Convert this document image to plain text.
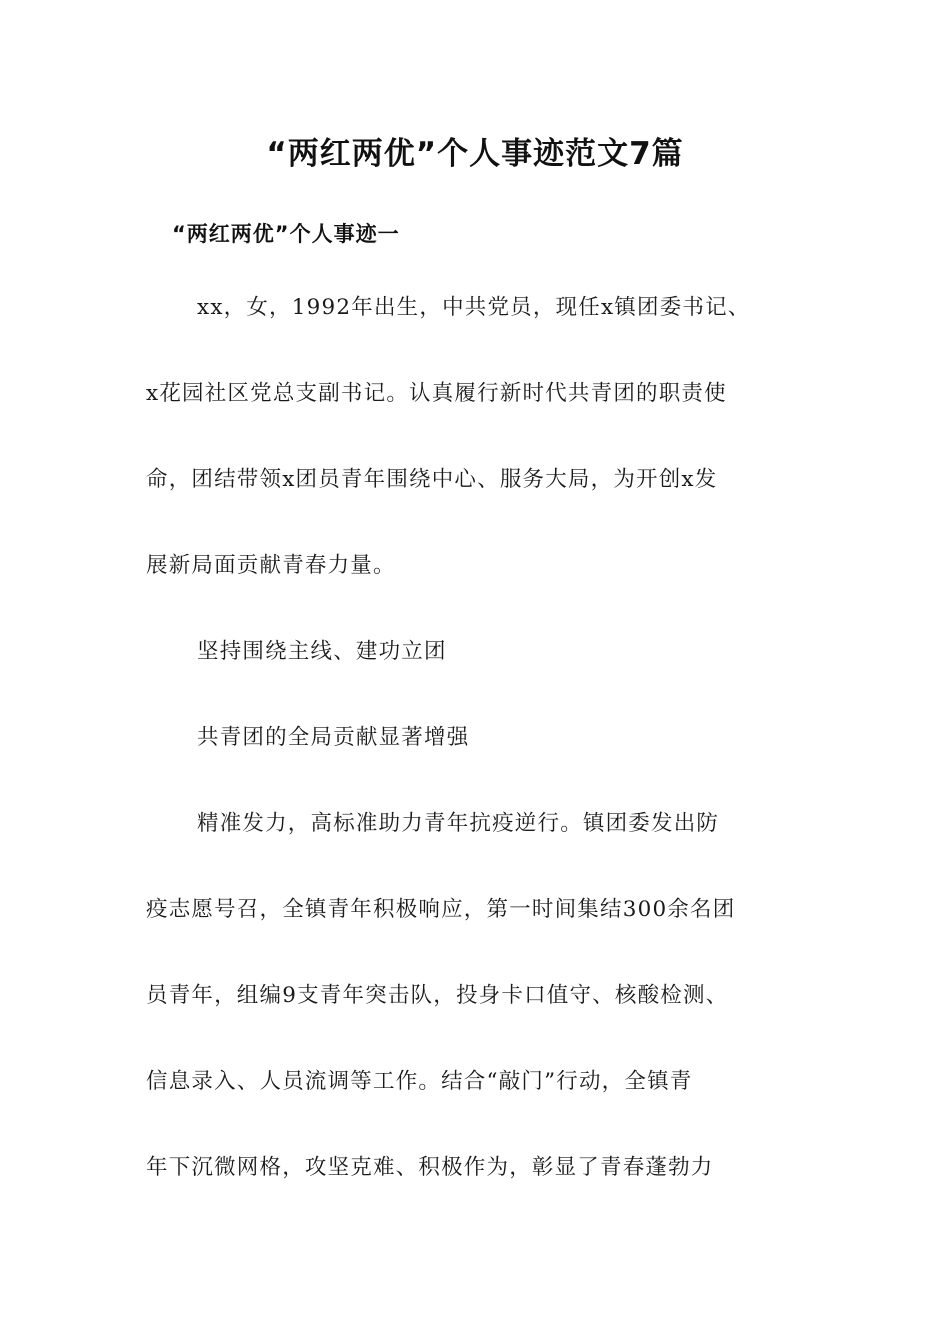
“两红两优”个人事迹范文7篇
“两红两优”个人事迹一
xx，女，1992年出生，中共党员，现任x镇团委书记、
x花园社区党总支副书记。认真履行新时代共青团的职责使
命，团结带领x团员青年围绕中心、服务大局，为开创x发
展新局面贡献青春力量。
坚持围绕主线、建功立团
共青团的全局贡献显著增强
精准发力，高标准助力青年抗疫逆行。镇团委发出防
疫志愿号召，全镇青年积极响应，第一时间集结300余名团
员青年，组编9支青年突击队，投身卡口值守、核酸检测、
信息录入、人员流调等工作。结合“敲门”行动，全镇青
年下沉微网格，攻坚克难、积极作为，彰显了青春蓬勃力
